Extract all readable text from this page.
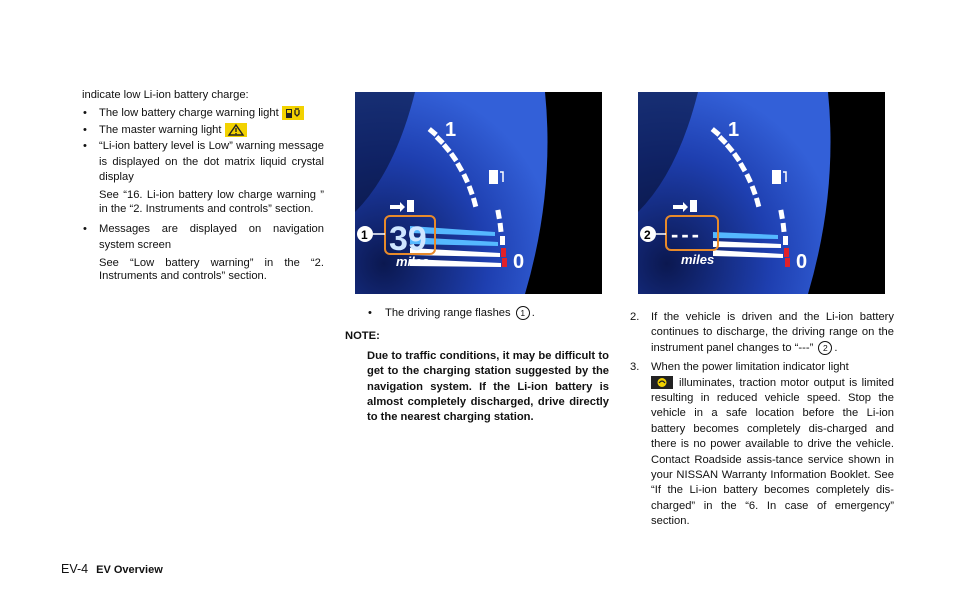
indicate low Li-ion battery charge:

• The low battery charge warning light
• The master warning light
• “Li-ion battery level is Low” warning message is displayed on the dot matrix liquid crystal display

See “16. Li-ion battery low charge warning ” in the “2. Instruments and controls” section.

• Messages are displayed on navigation system screen

See “Low battery warning” in the “2. Instruments and controls” section.

1
0
39
miles
1
1
0
---
miles
2
• The driving range flashes 1 .

NOTE:

Due to traffic conditions, it may be difficult to get to the charging station suggested by the navigation system. If the Li-ion battery is almost completely discharged, drive directly to the nearest charging station.

2. If the vehicle is driven and the Li-ion battery continues to discharge, the driving range on the instrument panel changes to “---” 2 .
3. When the power limitation indicator light
illuminates, traction motor output is limited resulting in reduced vehicle speed. Stop the vehicle in a safe location before the Li-ion battery becomes completely dis-charged and there is no power available to drive the vehicle. Contact Roadside assis-tance service shown in your NISSAN Warranty Information Booklet. See “If the Li-ion battery becomes completely dis-charged” in the “6. In case of emergency” section.
EV-4 EV Overview
